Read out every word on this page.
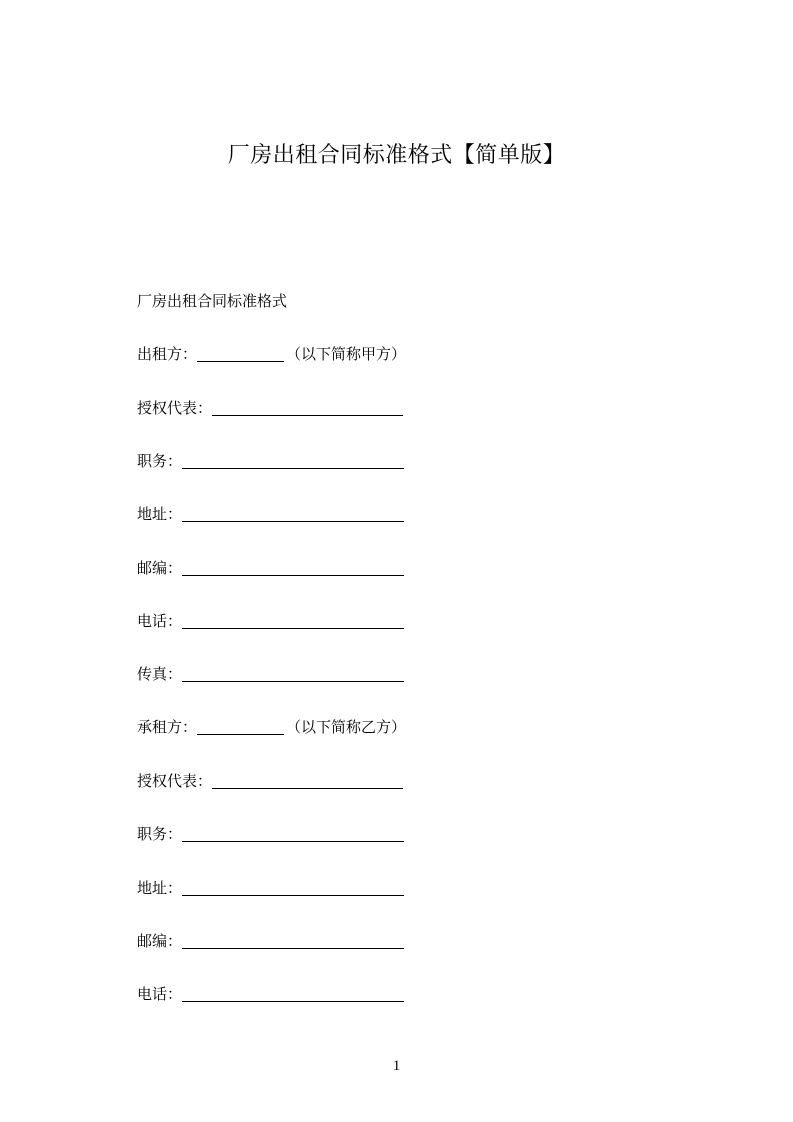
厂房出租合同标准格式【简单版】
厂房出租合同标准格式
出租方：	（以下简称甲方）
授权代表：
职务：
地址：
邮编：
电话：
传真：
承租方：	（以下简称乙方）
授权代表：
职务：
地址：
邮编：
电话：
1
